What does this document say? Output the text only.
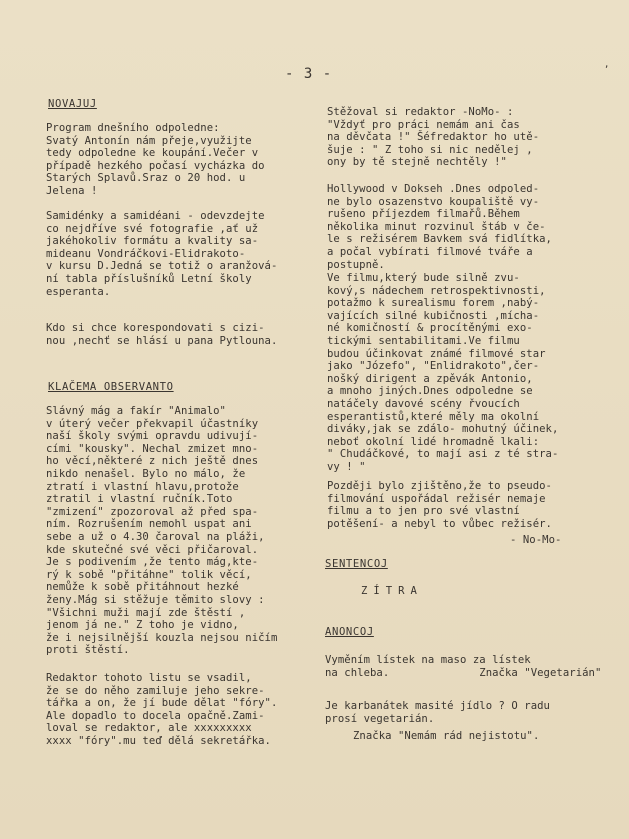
,
- 3 -
NOVAJUJ
Program dnešního odpoledne:
Svatý Antonín nám přeje,využijte
tedy odpoledne ke koupání.Večer v
případě hezkého počasí vycházka do
Starých Splavů.Sraz o 20 hod. u
Jelena !
Samidénky a samidéani - odevzdejte
co nejdříve své fotografie ,ať už
jakéhokoliv formátu a kvality sa-
mideanu Vondráčkovi-Elidrakoto-
v kursu D.Jedná se totiž o aranžová-
ní tabla příslušníků Letní školy
esperanta.
Kdo si chce korespondovati s cizi-
nou ,nechť se hlásí u pana Pytlouna.
KLAČEMA OBSERVANTO
Slávný mág a fakír "Animalo"
v úterý večer překvapil účastníky
naší školy svými opravdu udivují-
cími "kousky". Nechal zmizet mno-
ho věcí,některé z nich ještě dnes
nikdo nenašel. Bylo no málo, že
ztratí i vlastní hlavu,protože
ztratil i vlastní ručník.Toto
"zmizení" zpozoroval až před spa-
ním. Rozrušením nemohl uspat ani
sebe a už o 4.30 čaroval na pláži,
kde skutečné své věci přičaroval.
Je s podivením ,že tento mág,kte-
rý k sobě "přitáhne" tolik věcí,
nemůže k sobě přitáhnout hezké
ženy.Mág si stěžuje těmito slovy :
"Všichni muži mají zde štěstí ,
jenom já ne." Z toho je vidno,
že i nejsilnější kouzla nejsou ničím
proti štěstí.
Redaktor tohoto listu se vsadil,
že se do něho zamiluje jeho sekre-
tářka a on, že jí bude dělat "fóry".
Ale dopadlo to docela opačně.Zami-
loval se redaktor, ale xxxxxxxxx
xxxx "fóry".mu teď dělá sekretářka.
Stěžoval si redaktor -NoMo- :
"Vždyť pro práci nemám ani čas
na děvčata !" Šéfredaktor ho utě-
šuje : " Z toho si nic nedělej ,
ony by tě stejně nechtěly !"
Hollywood v Dokseh .Dnes odpoled-
ne bylo osazenstvo koupaliště vy-
rušeno příjezdem filmařů.Během
několika minut rozvinul štáb v če-
le s režisérem Bavkem svá fidlítka,
a počal vybírati filmové tváře a
postupně.
Ve filmu,který bude silně zvu-
kový,s nádechem retrospektivnosti,
potažmo k surealismu forem ,nabý-
vajících silné kubičnosti ,mícha-
né komičností & procítěnými exo-
tickými sentabilitami.Ve filmu
budou účinkovat známé filmové star
jako "Józefo", "Enlidrakoto",čer-
nošký dirigent a zpěvák Antonio,
a mnoho jiných.Dnes odpoledne se
natáčely davové scény řvoucích
esperantistů,které měly ma okolní
diváky,jak se zdálo- mohutný účinek,
neboť okolní lidé hromadně lkali:
" Chudáčkové, to mají asi z té stra-
vy ! "
Později bylo zjištěno,že to pseudo-
filmování uspořádal režisér nemaje
filmu a to jen pro své vlastní
potěšení- a nebyl to vůbec režisér.
- No-Mo-
SENTENCOJ
ZÍTRA
ANONCOJ
Vyměním lístek na maso za lístek
na chleba.              Značka "Vegetarián"
Je karbanátek masité jídlo ? O radu
prosí vegetarián.
Značka "Nemám rád nejistotu".
